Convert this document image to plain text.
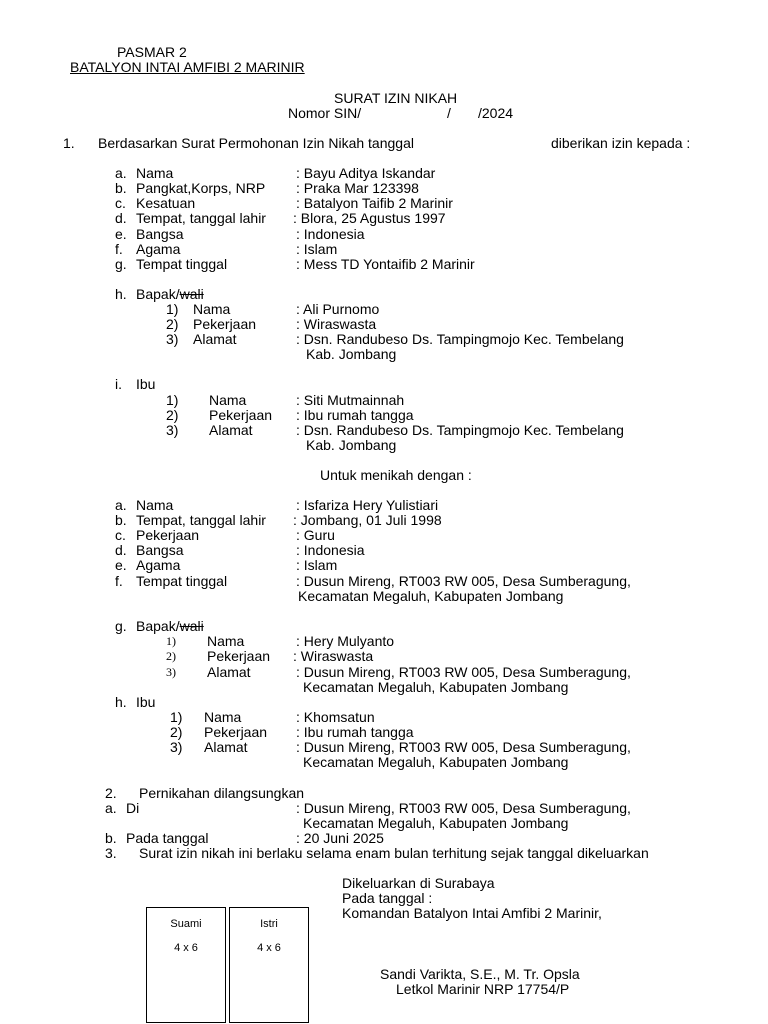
PASMAR 2
BATALYON INTAI AMFIBI 2 MARINIR
SURAT IZIN NIKAH
Nomor SIN/	/ /2024
1. Berdasarkan Surat Permohonan Izin Nikah tanggal	diberikan izin kepada :
a. Nama	: Bayu Aditya Iskandar
b. Pangkat,Korps, NRP : Praka Mar 123398
c. Kesatuan	: Batalyon Taifib 2 Marinir
d. Tempat, tanggal lahir : Blora, 25 Agustus 1997
e. Bangsa	: Indonesia
f. Agama	: Islam
g. Tempat tinggal	: Mess TD Yontaifib 2 Marinir
h. Bapak/wali
1) Nama	: Ali Purnomo
2) Pekerjaan	: Wiraswasta
3) Alamat	: Dsn. Randubeso Ds. Tampingmojo Kec. Tembelang
Kab. Jombang
i. Ibu
1) Nama	: Siti Mutmainnah
2) Pekerjaan : Ibu rumah tangga
3) Alamat	: Dsn. Randubeso Ds. Tampingmojo Kec. Tembelang
Kab. Jombang
Untuk menikah dengan :
a. Nama	: Isfariza Hery Yulistiari
b. Tempat, tanggal lahir : Jombang, 01 Juli 1998
c. Pekerjaan	: Guru
d. Bangsa	: Indonesia
e. Agama	: Islam
f. Tempat tinggal	: Dusun Mireng, RT003 RW 005, Desa Sumberagung,
Kecamatan Megaluh, Kabupaten Jombang
g. Bapak/wali
1) Nama	: Hery Mulyanto
2) Pekerjaan : Wiraswasta
3) Alamat	: Dusun Mireng, RT003 RW 005, Desa Sumberagung,
Kecamatan Megaluh, Kabupaten Jombang
h. Ibu
1) Nama	: Khomsatun
2) Pekerjaan : Ibu rumah tangga
3) Alamat	: Dusun Mireng, RT003 RW 005, Desa Sumberagung,
Kecamatan Megaluh, Kabupaten Jombang
2. Pernikahan dilangsungkan
a. Di	: Dusun Mireng, RT003 RW 005, Desa Sumberagung,
Kecamatan Megaluh, Kabupaten Jombang
b. Pada tanggal	: 20 Juni 2025
3. Surat izin nikah ini berlaku selama enam bulan terhitung sejak tanggal dikeluarkan
Dikeluarkan di Surabaya
Pada tanggal :
Komandan Batalyon Intai Amfibi 2 Marinir,
Sandi Varikta, S.E., M. Tr. Opsla
Letkol Marinir NRP 17754/P
Suami
4 x 6
Istri
4 x 6
